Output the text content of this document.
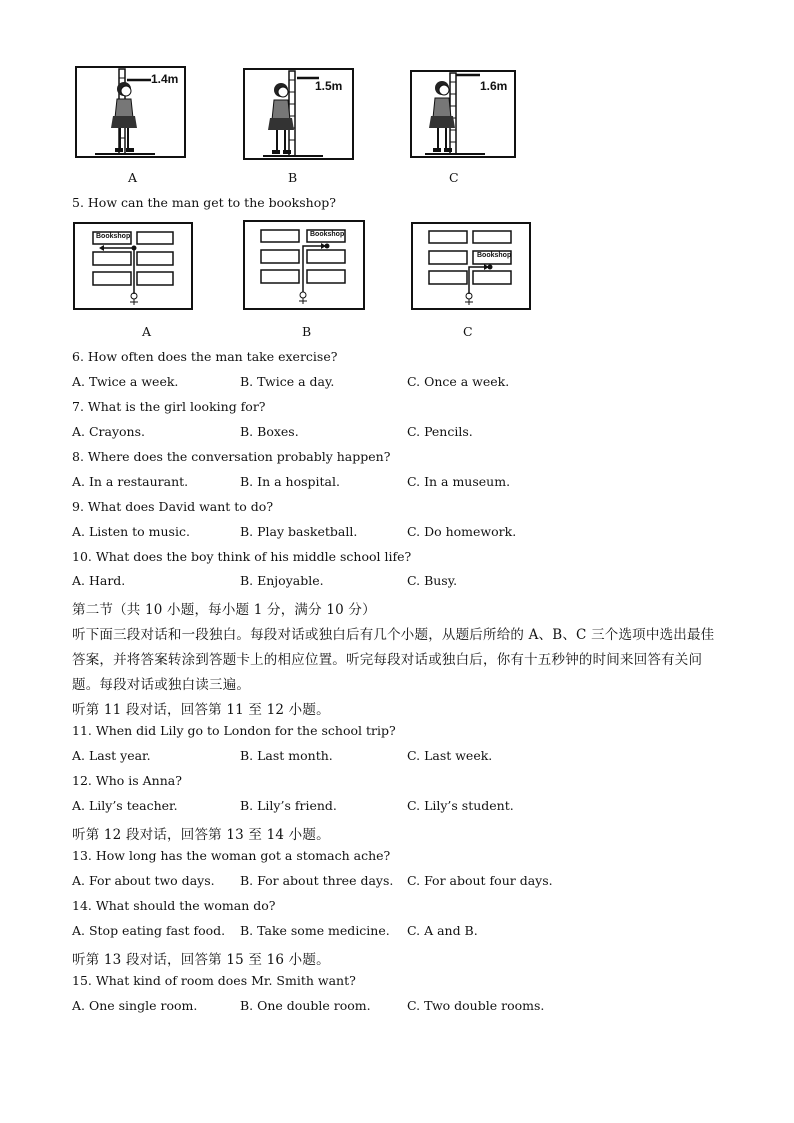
1.4m
A
1.5m
B
1.6m
C
5. How can the man get to the bookshop?
Bookshop
A
Bookshop
B
Bookshop
C
6. How often does the man take exercise?
A. Twice a week.	B. Twice a day.	C. Once a week.
7. What is the girl looking for?
A. Crayons.	B. Boxes.	C. Pencils.
8. Where does the conversation probably happen?
A. In a restaurant.	B. In a hospital.	C. In a museum.
9. What does David want to do?
A. Listen to music.	B. Play basketball.	C. Do homework.
10. What does the boy think of his middle school life?
A. Hard.	B. Enjoyable.	C. Busy.
第二节（共 10 小题，每小题 1 分，满分 10 分）
听下面三段对话和一段独白。每段对话或独白后有几个小题，从题后所给的 A、B、C 三个选项中选出最佳
答案，并将答案转涂到答题卡上的相应位置。听完每段对话或独白后，你有十五秒钟的时间来回答有关问
题。每段对话或独白读三遍。
听第 11 段对话，回答第 11 至 12 小题。
11. When did Lily go to London for the school trip?
A. Last year.	B. Last month.	C. Last week.
12. Who is Anna?
A. Lily’s teacher.	B. Lily’s friend.	C. Lily’s student.
听第 12 段对话，回答第 13 至 14 小题。
13. How long has the woman got a stomach ache?
A. For about two days. B. For about three days. C. For about four days.
14. What should the woman do?
A. Stop eating fast food. B. Take some medicine. C. A and B.
听第 13 段对话，回答第 15 至 16 小题。
15. What kind of room does Mr. Smith want?
A. One single room.	B. One double room.	C. Two double rooms.
